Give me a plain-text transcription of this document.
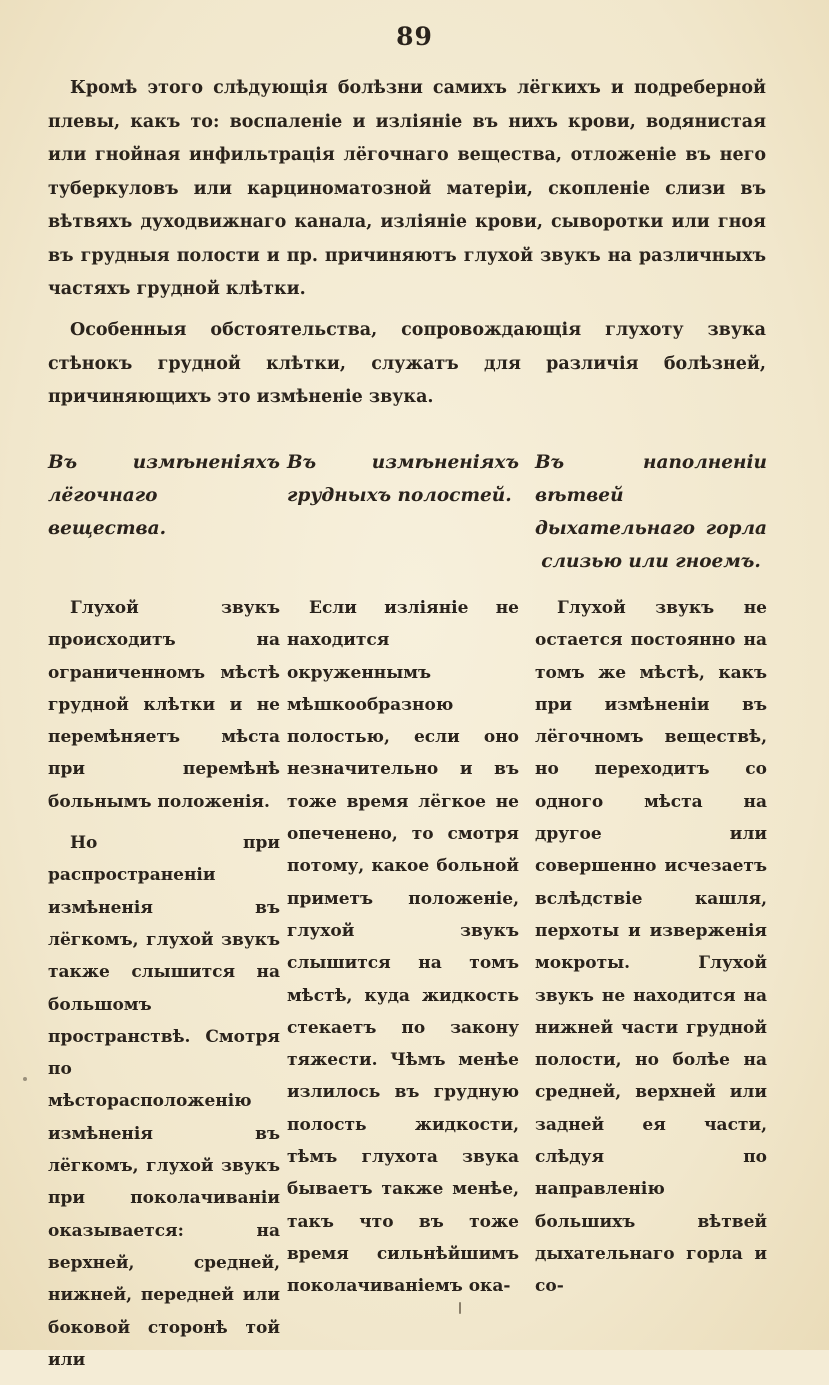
89
Кромѣ этого слѣдующія болѣзни самихъ лёгкихъ и подреберной плевы, какъ то: воспаленіе и изліяніе въ нихъ крови, водянистая или гнойная инфильтрація лёгочнаго вещества, отложеніе въ него туберкуловъ или карциноматозной матеріи, скопленіе слизи въ вѣтвяхъ духодвижнаго канала, изліяніе крови, сыворотки или гноя въ грудныя полости и пр. причиняютъ глухой звукъ на различныхъ частяхъ грудной клѣтки.
Особенныя обстоятельства, сопровождающія глухоту звука стѣнокъ грудной клѣтки, служатъ для различія болѣзней, причиняющихъ это измѣненіе звука.

Въ измѣненіяхъ лёгочнаго вещества.

Глухой звукъ происходитъ на ограниченномъ мѣстѣ грудной клѣтки и не перемѣняетъ мѣста при перемѣнѣ больнымъ положенія.

Но при распространеніи измѣненія въ лёгкомъ, глухой звукъ также слышится на большомъ пространствѣ. Смотря по мѣсторасположенію измѣненія въ лёгкомъ, глухой звукъ при поколачиваніи оказывается: на верхней, средней, нижней, передней или боковой сторонѣ той или

Въ измѣненіяхъ грудныхъ полостей.

Если изліяніе не находится окруженнымъ мѣшкообразною полостью, если оно незначительно и въ тоже время лёгкое не опеченено, то смотря потому, какое больной приметъ положеніе, глухой звукъ слышится на томъ мѣстѣ, куда жидкость стекаетъ по закону тяжести. Чѣмъ менѣе излилось въ грудную полость жидкости, тѣмъ глухота звука бываетъ также менѣе, такъ что въ тоже время сильнѣйшимъ поколачиваніемъ ока-

Въ наполненіи вѣтвей дыхательнаго горла слизью или гноемъ.

Глухой звукъ не остается постоянно на томъ же мѣстѣ, какъ при измѣненіи въ лёгочномъ веществѣ, но переходитъ со одного мѣста на другое или совершенно исчезаетъ вслѣдствіе кашля, перхоты и изверженія мокроты. Глухой звукъ не находится на нижней части грудной полости, но болѣе на средней, верхней или задней ея части, слѣдуя по направленію большихъ вѣтвей дыхательнаго горла и со-
